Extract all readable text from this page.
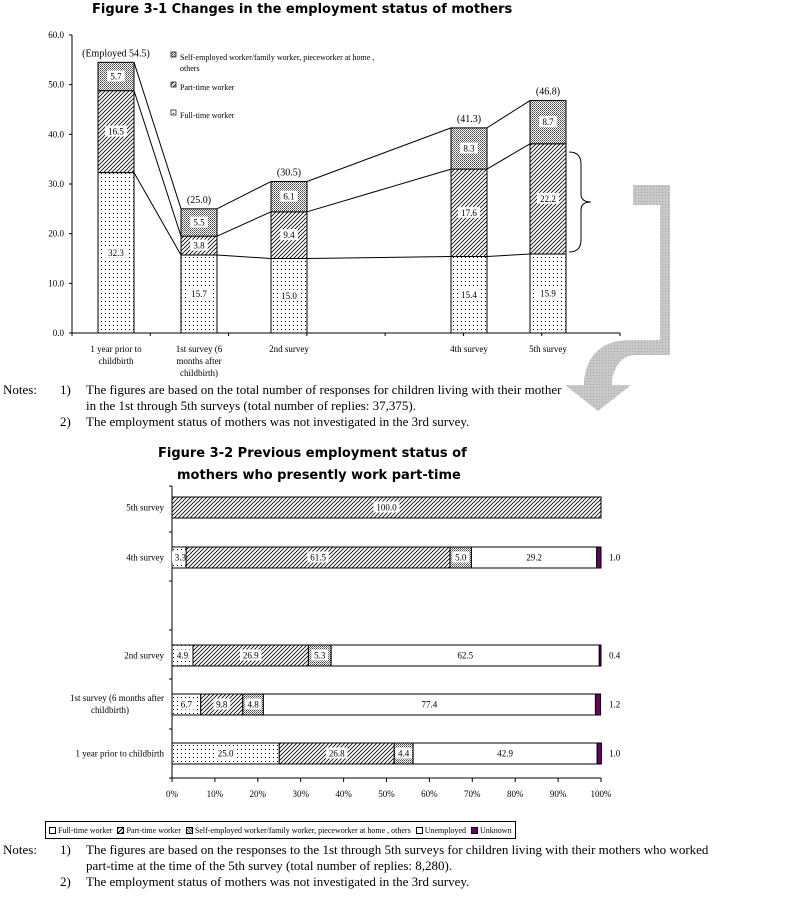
Figure 3-1 Changes in the employment status of mothers
60.0
50.0
40.0
30.0
20.0
10.0
0.0
1 year prior to
childbirth
1st survey (6
months after
childbirth)
2nd survey	4th survey	5th survey
32.3
16.5
5.7
(Employed 54.5)
15.7
3.8
5.5
(25.0)
15.0
9.4
6.1
(30.5)
15.4
17.6
8.3
(41.3)
15.9
22.2
8.7
(46.8)
Self-employed worker/family worker, pieceworker at home ,
others
Part-time worker
Full-time worker
Notes: 1) The figures are based on the total number of responses for children living with their mother
in the 1st through 5th surveys (total number of replies: 37,375).
2) The employment status of mothers was not investigated in the 3rd survey.
Figure 3-2 Previous employment status of
mothers who presently work part-time
0%	10%	20%	30%	40%	50%	60%	70%	80%	90%	100%
5th survey
4th survey
2nd survey
1st survey (6 months after
childbirth)
1 year prior to childbirth
100.0
3.3	61.5	5.0	29.2	1.0
4.9	26.9	5.3	62.5	0.4
6.7	9.8 4.8	77.4	1.2
25.0	26.8	4.4	42.9	1.0
Full-time worker Part-time worker Self-employed worker/family worker, pieceworker at home , others Unemployed Unknown
Notes: 1) The figures are based on the responses to the 1st through 5th surveys for children living with their mothers who worked
part-time at the time of the 5th survey (total number of replies: 8,280).
2) The employment status of mothers was not investigated in the 3rd survey.
